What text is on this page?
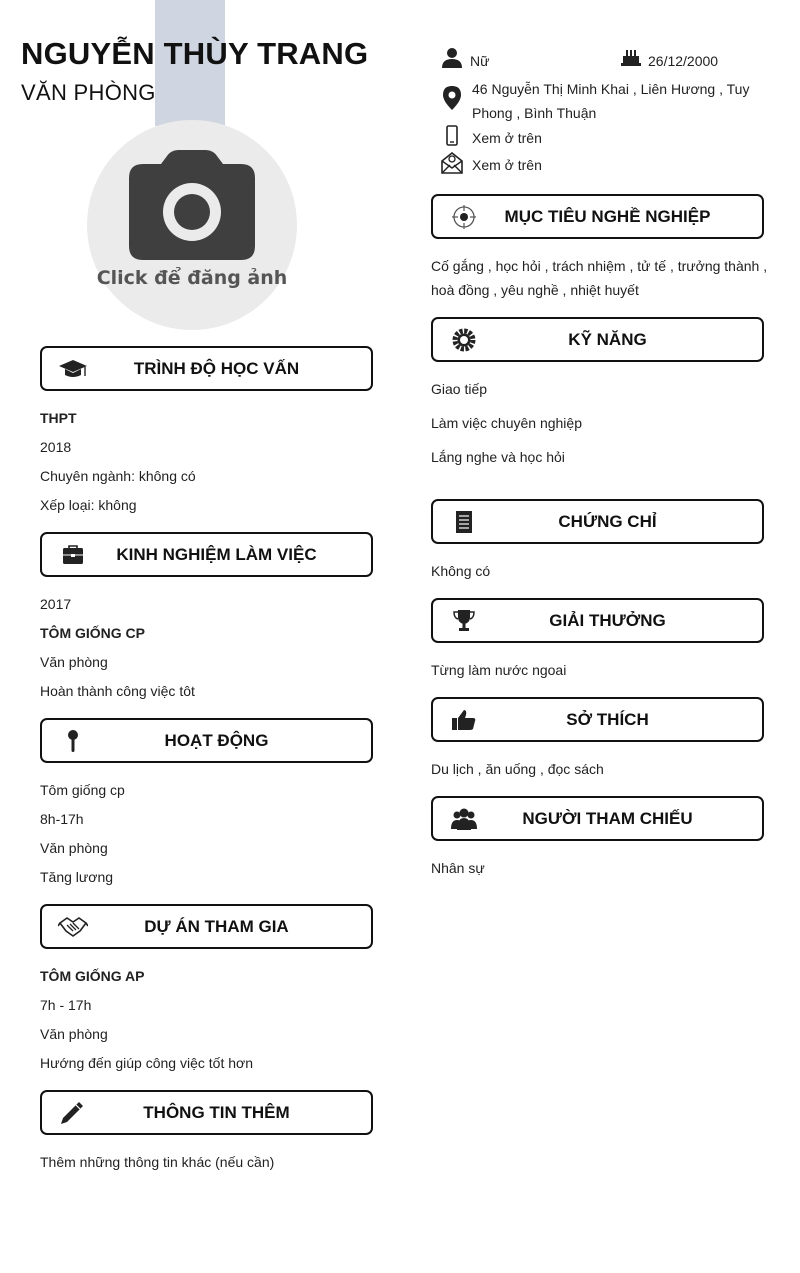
NGUYỄN THÙY TRANG
VĂN PHÒNG
Click để đăng ảnh
Nữ	26/12/2000
46 Nguyễn Thị Minh Khai , Liên Hương , Tuy Phong , Bình Thuận
Xem ở trên
Xem ở trên
TRÌNH ĐỘ HỌC VẤN
THPT
2018
Chuyên ngành: không có
Xếp loại: không
KINH NGHIỆM LÀM VIỆC
2017
TÔM GIỐNG CP
Văn phòng
Hoàn thành công việc tôt
HOẠT ĐỘNG
Tôm giống cp
8h-17h
Văn phòng
Tăng lương
DỰ ÁN THAM GIA
TÔM GIỐNG AP
7h - 17h
Văn phòng
Hướng đến giúp công việc tốt hơn
THÔNG TIN THÊM
Thêm những thông tin khác (nếu cần)
MỤC TIÊU NGHỀ NGHIỆP
Cố gắng , học hỏi , trách nhiệm , tử tế , trưởng thành , hoà đồng , yêu nghề , nhiệt huyết
KỸ NĂNG
Giao tiếp
Làm việc chuyên nghiệp
Lắng nghe và học hỏi
CHỨNG CHỈ
Không có
GIẢI THƯỞNG
Từng làm nước ngoai
SỞ THÍCH
Du lịch , ăn uống , đọc sách
NGƯỜI THAM CHIẾU
Nhân sự
